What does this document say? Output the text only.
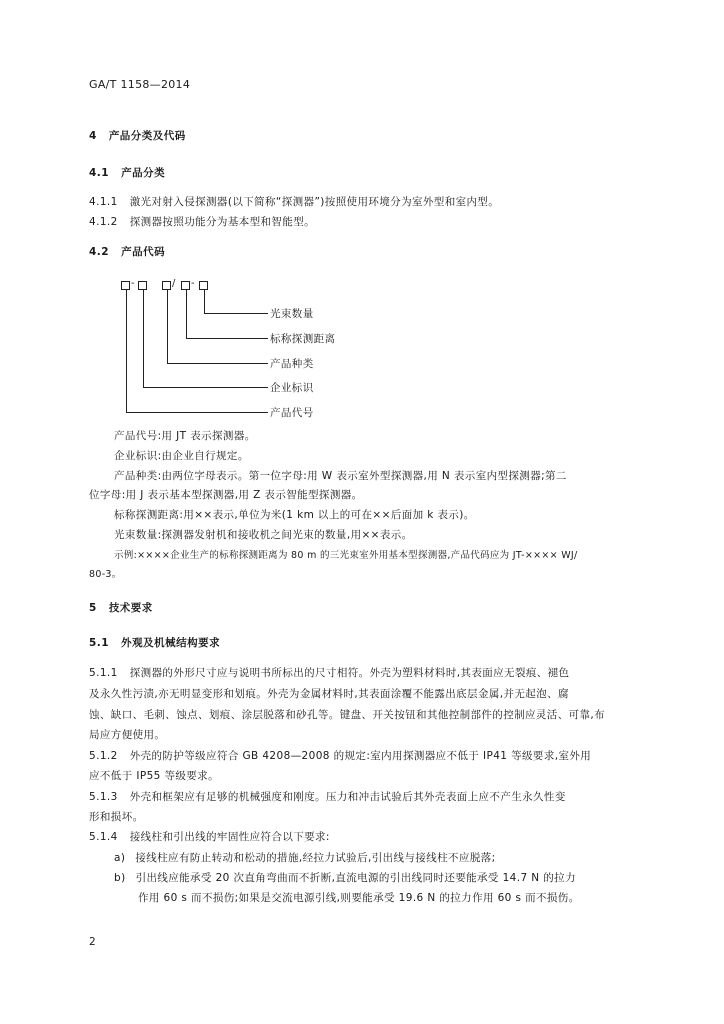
GA/T 1158—2014
4 产品分类及代码
4.1 产品分类
4.1.1 激光对射入侵探测器(以下简称“探测器”)按照使用环境分为室外型和室内型。
4.1.2 探测器按照功能分为基本型和智能型。
4.2 产品代码
-	/ -
光束数量
标称探测距离
产品种类
企业标识
产品代号
产品代号:用 JT 表示探测器。
企业标识:由企业自行规定。
产品种类:由两位字母表示。第一位字母:用 W 表示室外型探测器,用 N 表示室内型探测器;第二
位字母:用 J 表示基本型探测器,用 Z 表示智能型探测器。
标称探测距离:用××表示,单位为米(1 km 以上的可在××后面加 k 表示)。
光束数量:探测器发射机和接收机之间光束的数量,用××表示。
示例:××××企业生产的标称探测距离为 80 m 的三光束室外用基本型探测器,产品代码应为 JT-×××× WJ/
80-3。
5 技术要求
5.1 外观及机械结构要求
5.1.1 探测器的外形尺寸应与说明书所标出的尺寸相符。外壳为塑料材料时,其表面应无裂痕、褪色
及永久性污渍,亦无明显变形和划痕。外壳为金属材料时,其表面涂覆不能露出底层金属,并无起泡、腐
蚀、缺口、毛刺、蚀点、划痕、涂层脱落和砂孔等。键盘、开关按钮和其他控制部件的控制应灵活、可靠,布
局应方便使用。
5.1.2 外壳的防护等级应符合 GB 4208—2008 的规定:室内用探测器应不低于 IP41 等级要求,室外用
应不低于 IP55 等级要求。
5.1.3 外壳和框架应有足够的机械强度和刚度。压力和冲击试验后其外壳表面上应不产生永久性变
形和损坏。
5.1.4 接线柱和引出线的牢固性应符合以下要求:
a) 接线柱应有防止转动和松动的措施,经拉力试验后,引出线与接线柱不应脱落;
b) 引出线应能承受 20 次直角弯曲而不折断,直流电源的引出线同时还要能承受 14.7 N 的拉力
作用 60 s 而不损伤;如果是交流电源引线,则要能承受 19.6 N 的拉力作用 60 s 而不损伤。
2
